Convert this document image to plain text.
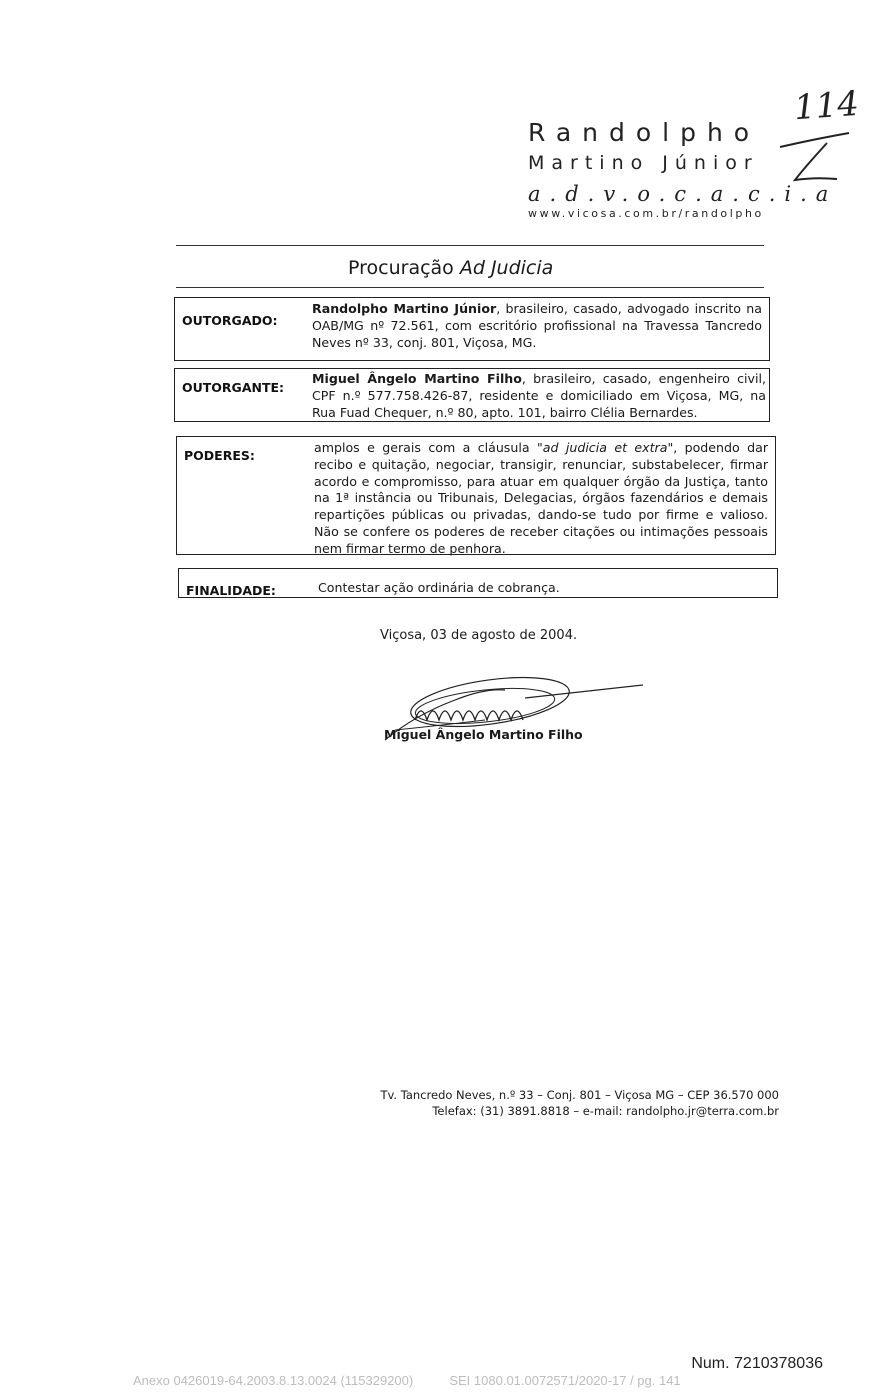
114
Randolpho
Martino Júnior
a.d.v.o.c.a.c.i.a
www.vicosa.com.br/randolpho
Procuração Ad Judicia
OUTORGADO:
Randolpho Martino Júnior, brasileiro, casado, advogado inscrito na OAB/MG nº 72.561, com escritório profissional na Travessa Tancredo Neves nº 33, conj. 801, Viçosa, MG.
OUTORGANTE:
Miguel Ângelo Martino Filho, brasileiro, casado, engenheiro civil, CPF n.º 577.758.426-87, residente e domiciliado em Viçosa, MG, na Rua Fuad Chequer, n.º 80, apto. 101, bairro Clélia Bernardes.
PODERES:
amplos e gerais com a cláusula "ad judicia et extra", podendo dar recibo e quitação, negociar, transigir, renunciar, substabelecer, firmar acordo e compromisso, para atuar em qualquer órgão da Justiça, tanto na 1ª instância ou Tribunais, Delegacias, órgãos fazendários e demais repartições públicas ou privadas, dando-se tudo por firme e valioso. Não se confere os poderes de receber citações ou intimações pessoais nem firmar termo de penhora.
FINALIDADE:	Contestar ação ordinária de cobrança.
Viçosa, 03 de agosto de 2004.
Miguel Ângelo Martino Filho
Tv. Tancredo Neves, n.º 33 – Conj. 801 – Viçosa MG – CEP 36.570 000
Telefax: (31) 3891.8818 – e-mail: randolpho.jr@terra.com.br
Num. 7210378036
Anexo 0426019-64.2003.8.13.0024 (115329200)          SEI 1080.01.0072571/2020-17 / pg. 141
